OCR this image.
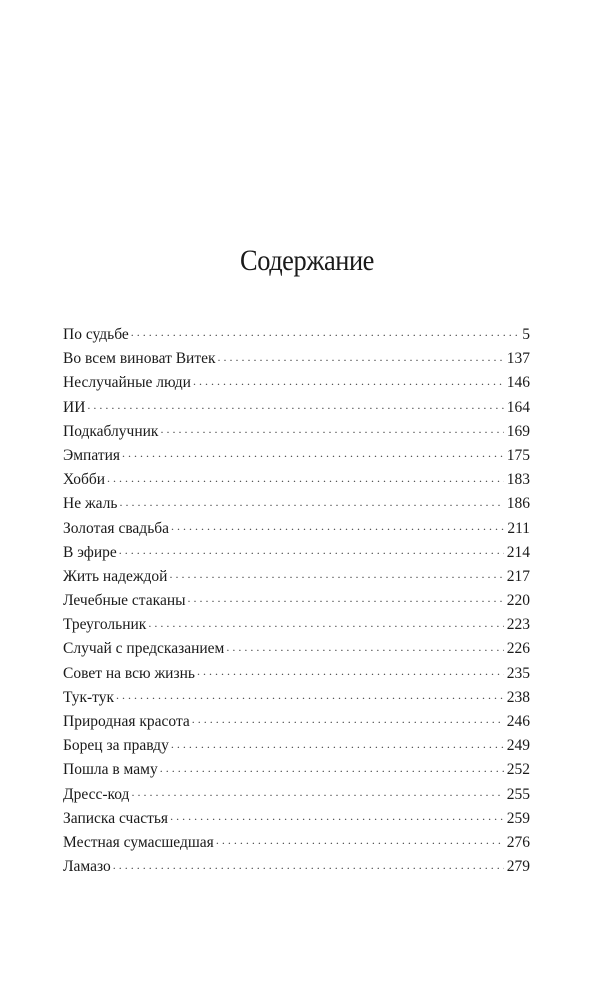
Содержание
По судьбе . . .	5
Во всем виноват Витек . . .	137
Неслучайные люди . . .	146
ИИ . . .	164
Подкаблучник . . .	169
Эмпатия . . .	175
Хобби . . .	183
Не жаль . . .	186
Золотая свадьба . . .	211
В эфире . . .	214
Жить надеждой . . .	217
Лечебные стаканы . . .	220
Треугольник . . .	223
Случай с предсказанием . . .	226
Совет на всю жизнь . . .	235
Тук-тук . . .	238
Природная красота . . .	246
Борец за правду . . .	249
Пошла в маму . . .	252
Дресс-код . . .	255
Записка счастья . . .	259
Местная сумасшедшая . . .	276
Ламазо . . .	279
